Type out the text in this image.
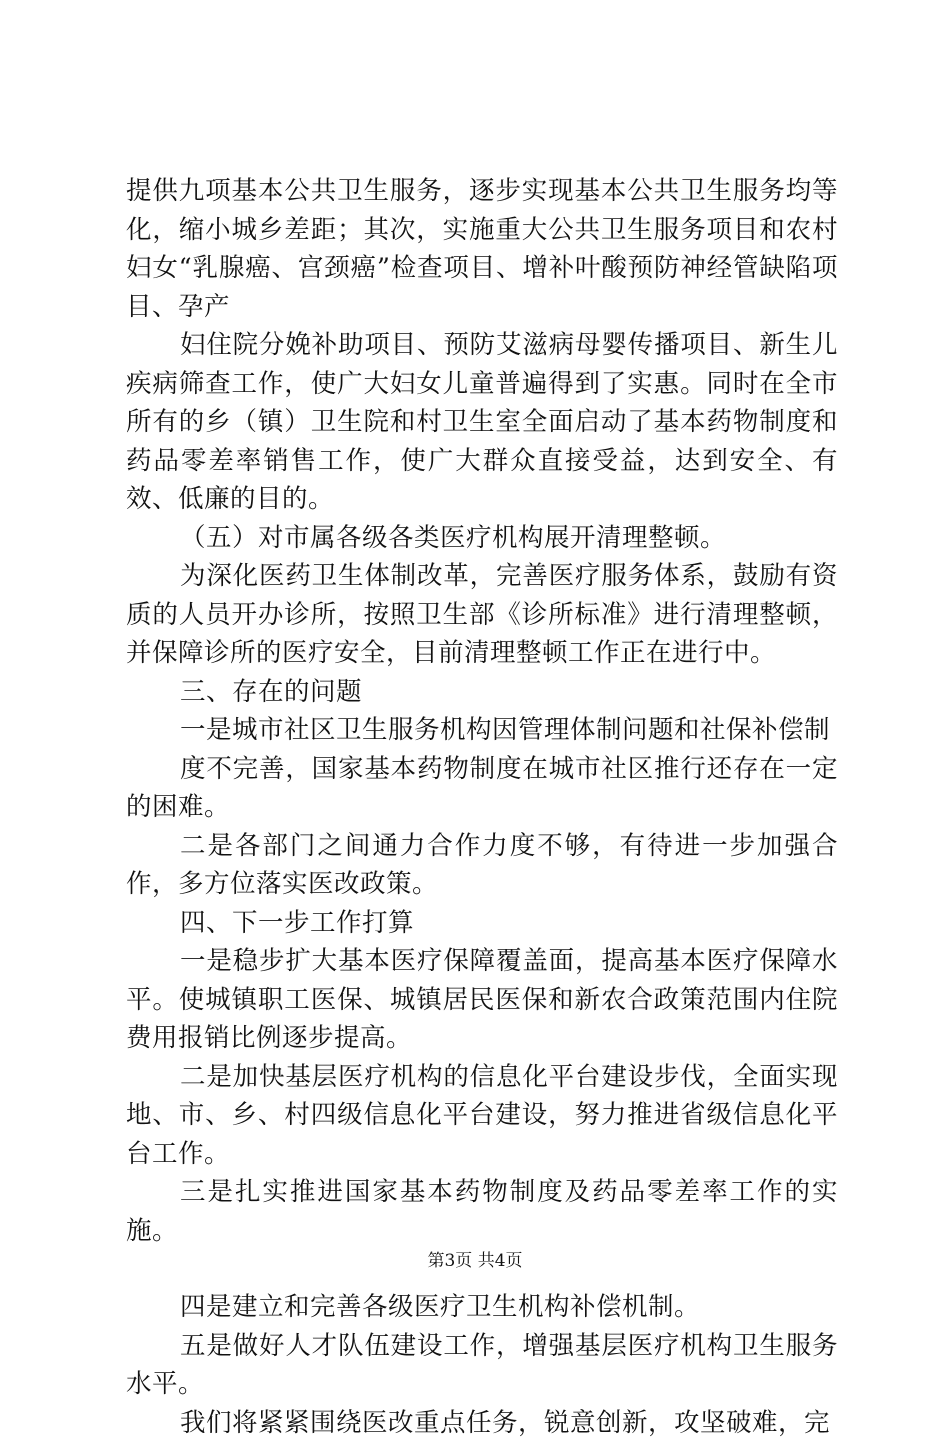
提供九项基本公共卫生服务，逐步实现基本公共卫生服务均等化，缩小城乡差距；其次，实施重大公共卫生服务项目和农村妇女“乳腺癌、宫颈癌”检查项目、增补叶酸预防神经管缺陷项目、孕产

妇住院分娩补助项目、预防艾滋病母婴传播项目、新生儿疾病筛查工作，使广大妇女儿童普遍得到了实惠。同时在全市所有的乡（镇）卫生院和村卫生室全面启动了基本药物制度和药品零差率销售工作，使广大群众直接受益，达到安全、有效、低廉的目的。

（五）对市属各级各类医疗机构展开清理整顿。

为深化医药卫生体制改革，完善医疗服务体系，鼓励有资质的人员开办诊所，按照卫生部《诊所标准》进行清理整顿，并保障诊所的医疗安全，目前清理整顿工作正在进行中。

三、存在的问题

一是城市社区卫生服务机构因管理体制问题和社保补偿制

度不完善，国家基本药物制度在城市社区推行还存在一定的困难。

二是各部门之间通力合作力度不够，有待进一步加强合作，多方位落实医改政策。

四、下一步工作打算

一是稳步扩大基本医疗保障覆盖面，提高基本医疗保障水平。使城镇职工医保、城镇居民医保和新农合政策范围内住院费用报销比例逐步提高。

二是加快基层医疗机构的信息化平台建设步伐，全面实现地、市、乡、村四级信息化平台建设，努力推进省级信息化平台工作。

三是扎实推进国家基本药物制度及药品零差率工作的实施。

四是建立和完善各级医疗卫生机构补偿机制。

五是做好人才队伍建设工作，增强基层医疗机构卫生服务水平。

我们将紧紧围绕医改重点任务，锐意创新，攻坚破难，完

第3页 共4页
